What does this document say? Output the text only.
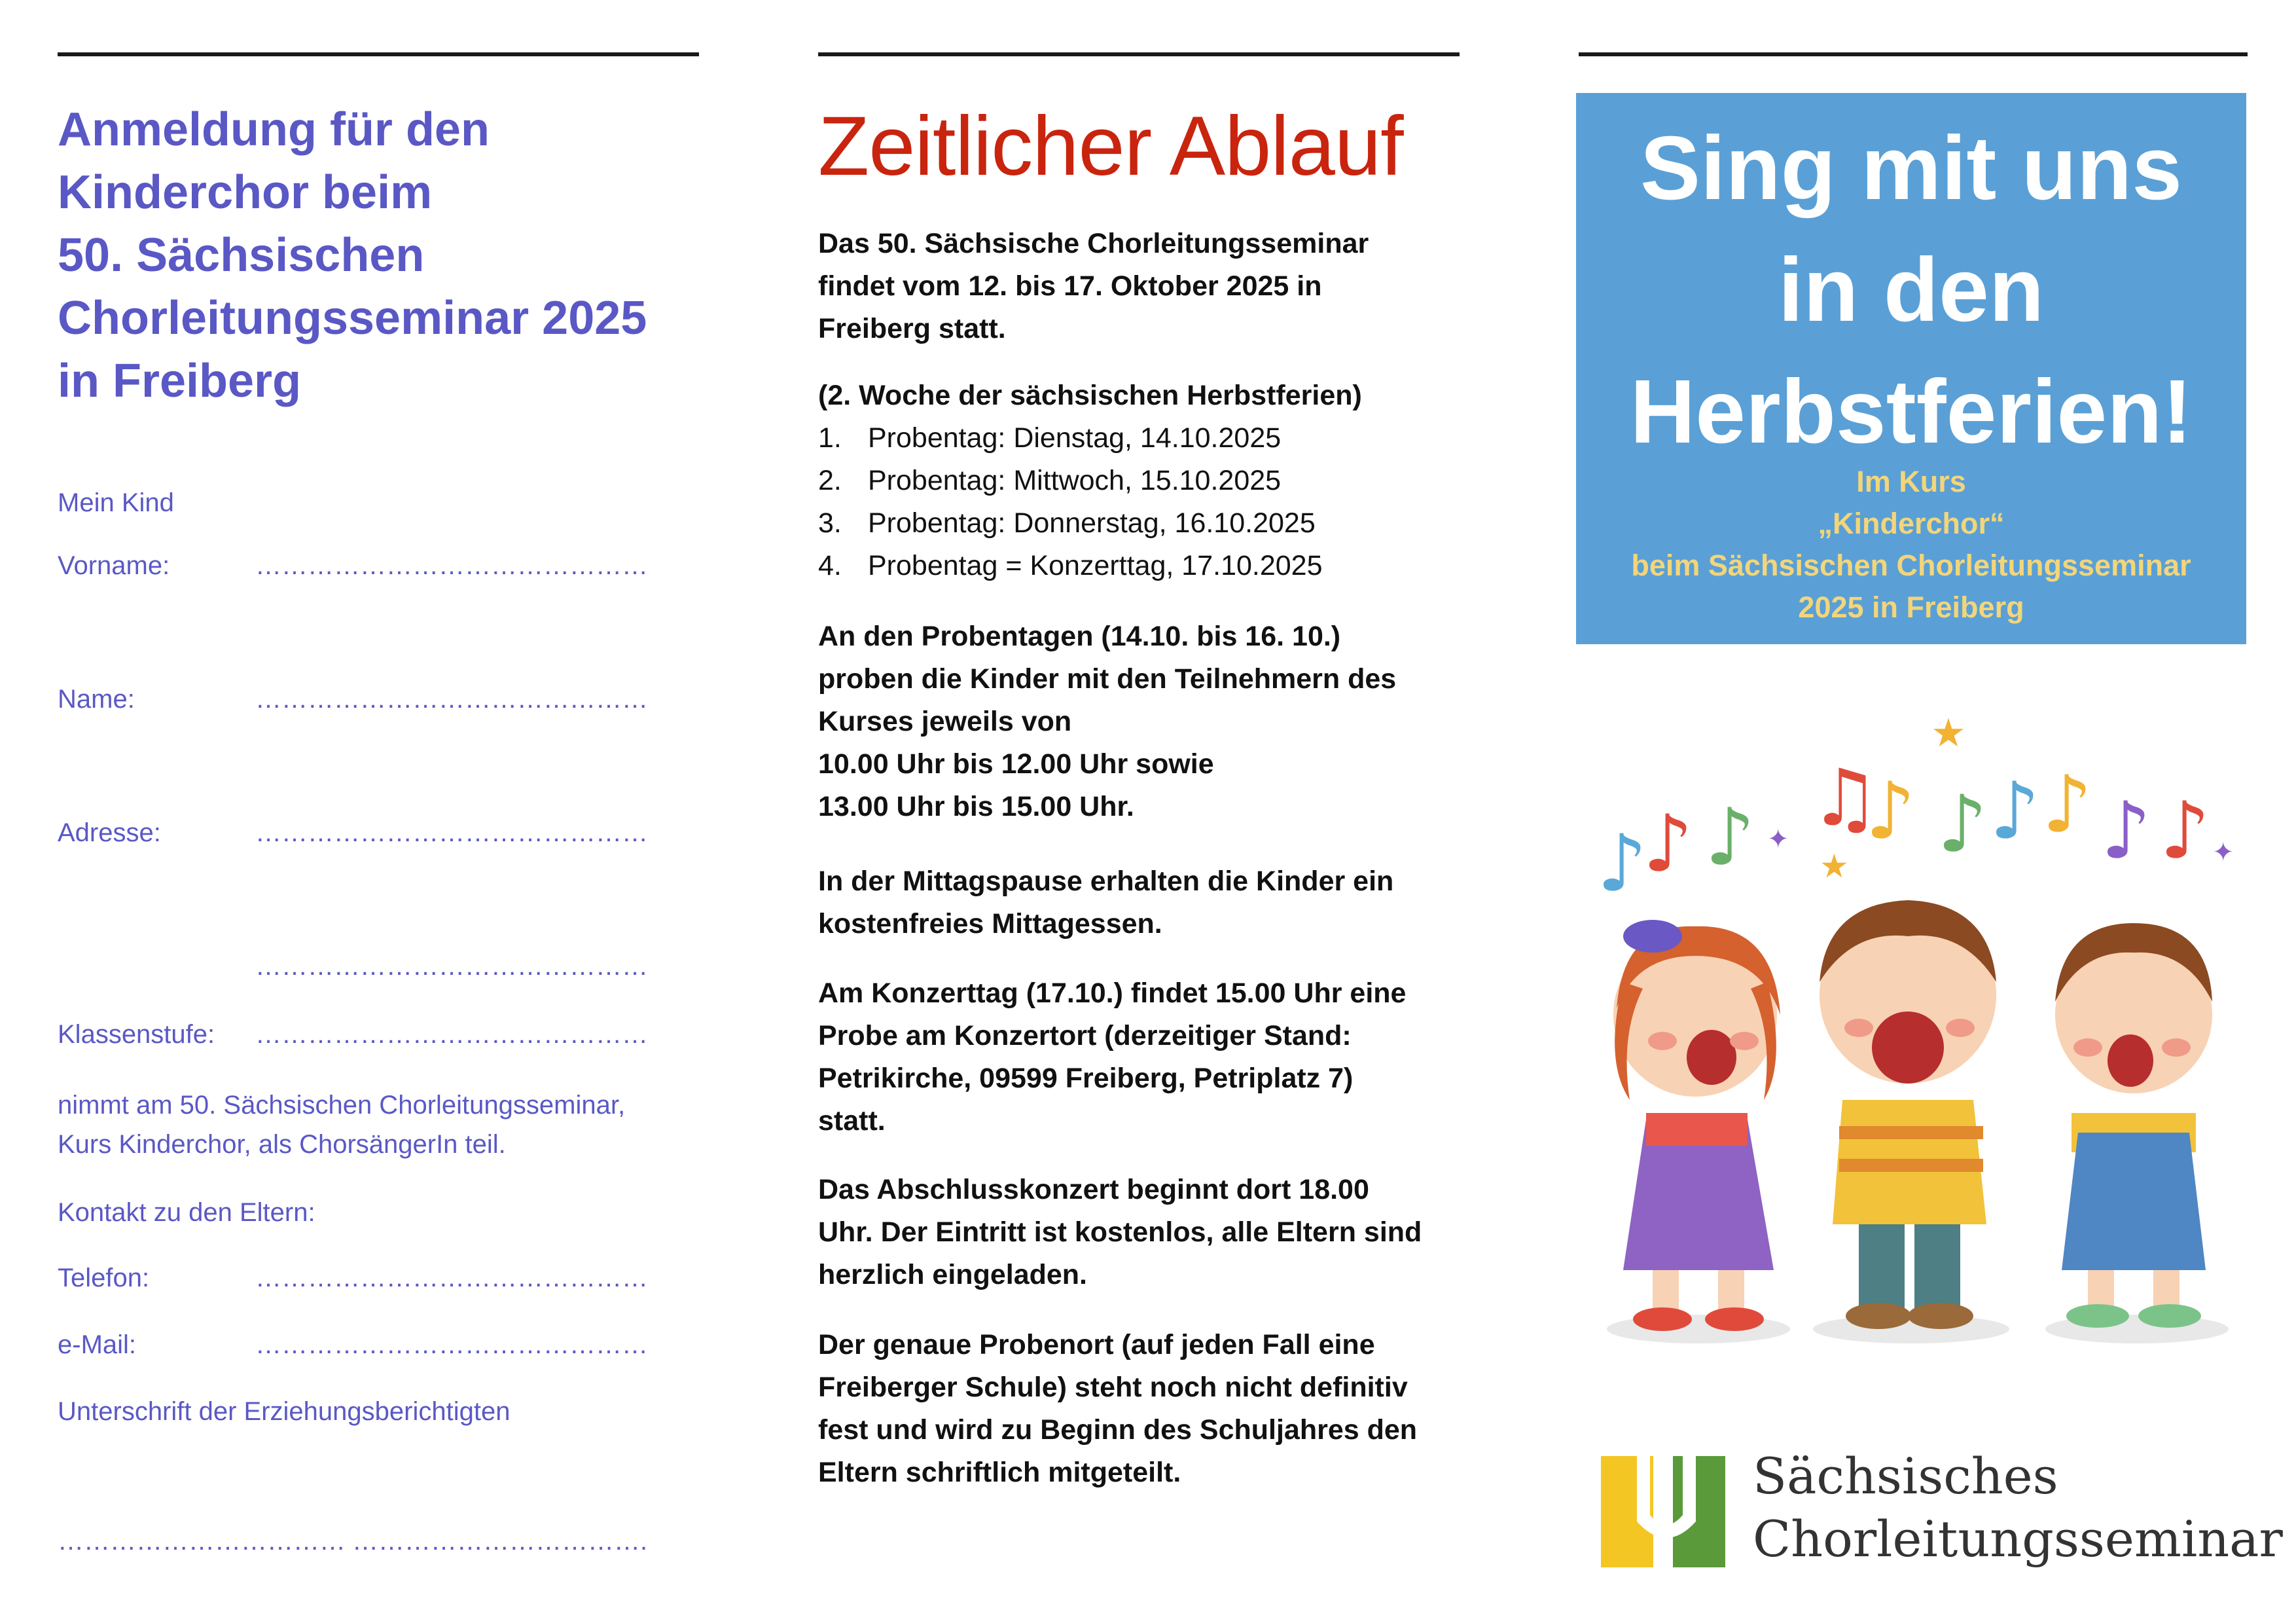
Anmeldung für den

Kinderchor beim

50. Sächsischen

Chorleitungsseminar 2025

in Freiberg

Mein Kind
Vorname:	………………………………………
Name:	………………………………………
Adresse:	………………………………………
………………………………………
Klassenstufe: ………………………………………
nimmt am 50. Sächsischen Chorleitungsseminar,
Kurs Kinderchor, als ChorsängerIn teil.
Kontakt zu den Eltern:
Telefon:	………………………………………
e-Mail:	………………………………………
Unterschrift der Erziehungsberichtigten
…………………………… …………………………….
Zeitlicher Ablauf
Das 50. Sächsische Chorleitungsseminar
findet vom 12. bis 17. Oktober 2025 in
Freiberg statt.
(2. Woche der sächsischen Herbstferien)
1. Probentag: Dienstag, 14.10.2025
2. Probentag: Mittwoch, 15.10.2025
3. Probentag: Donnerstag, 16.10.2025
4. Probentag = Konzerttag, 17.10.2025
An den Probentagen (14.10. bis 16. 10.)
proben die Kinder mit den Teilnehmern des
Kurses jeweils von
10.00 Uhr bis 12.00 Uhr sowie
13.00 Uhr bis 15.00 Uhr.
In der Mittagspause erhalten die Kinder ein
kostenfreies Mittagessen.
Am Konzerttag (17.10.) findet 15.00 Uhr eine
Probe am Konzertort (derzeitiger Stand:
Petrikirche, 09599 Freiberg, Petriplatz 7)
statt.
Das Abschlusskonzert beginnt dort 18.00
Uhr. Der Eintritt ist kostenlos, alle Eltern sind
herzlich eingeladen.
Der genaue Probenort (auf jeden Fall eine
Freiberger Schule) steht noch nicht definitiv
fest und wird zu Beginn des Schuljahres den
Eltern schriftlich mitgeteilt.
Sing mit uns
in den
Herbstferien!
Im Kurs
„Kinderchor“
beim Sächsischen Chorleitungsseminar
2025 in Freiberg
♪
♪ ♪ ♫
♪ ♪ ♪ ♪ ♪ ♪
★
★
✦	✦
Sächsisches
Chorleitungsseminar
